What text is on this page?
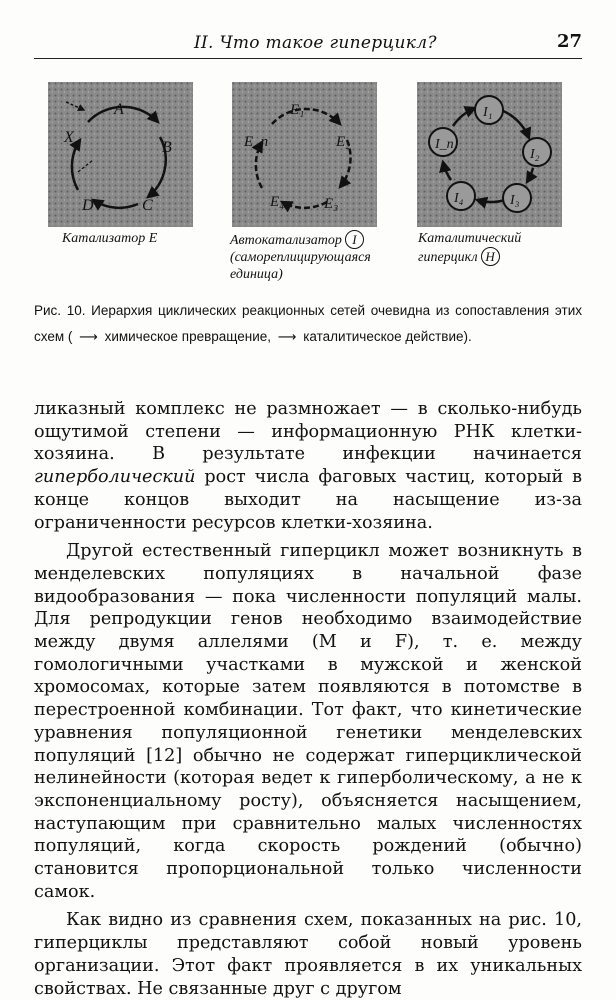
II. Что такое гиперцикл?	27
A
B
C
D
X
E₁
E₂
E₃
E₄
E_n
I₁
I₂
I₃
I₄
I_n
Катализатор E	Автокатализатор I
(самореплицирующаяся единица)
Каталитический гиперцикл H
Рис. 10. Иерархия циклических реакционных сетей очевидна из сопоставления этих схем ( ⟶ химическое превращение, ⟶ каталитическое действие).

ликазный комплекс не размножает — в сколько-нибудь ощутимой степени — информационную РНК клетки-хозяина. В результате инфекции начинается гиперболический рост числа фаговых частиц, который в конце концов выходит на насыщение из-за ограниченности ресурсов клетки-хозяина.

Другой естественный гиперцикл может возникнуть в менделевских популяциях в начальной фазе видообразования — пока численности популяций малы. Для репродукции генов необходимо взаимодействие между двумя аллелями (M и F), т. е. между гомологичными участками в мужской и женской хромосомах, которые затем появляются в потомстве в перестроенной комбинации. Тот факт, что кинетические уравнения популяционной генетики менделевских популяций [12] обычно не содержат гиперциклической нелинейности (которая ведет к гиперболическому, а не к экспоненциальному росту), объясняется насыщением, наступающим при сравнительно малых численностях популяций, когда скорость рождений (обычно) становится пропорциональной только численности самок.

Как видно из сравнения схем, показанных на рис. 10, гиперциклы представляют собой новый уровень организации. Этот факт проявляется в их уникальных свойствах. Не связанные друг с другом
